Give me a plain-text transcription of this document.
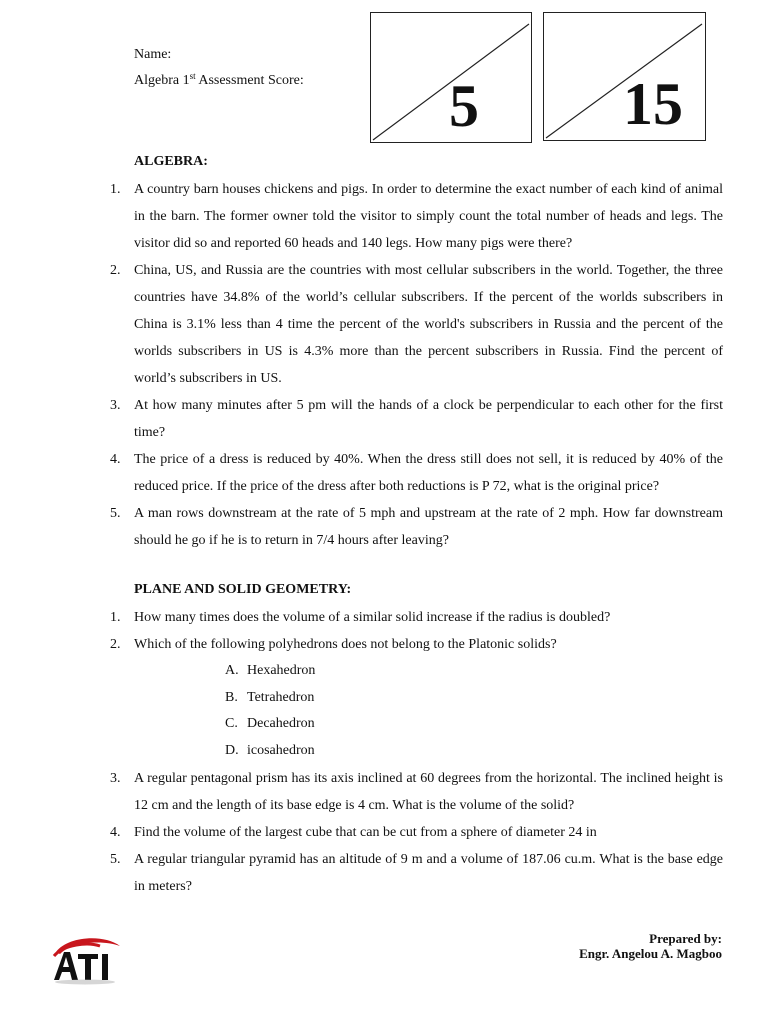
Name:
Algebra 1st Assessment Score: 5 15
ALGEBRA:
1. A country barn houses chickens and pigs. In order to determine the exact number of each kind of animal in the barn. The former owner told the visitor to simply count the total number of heads and legs. The visitor did so and reported 60 heads and 140 legs. How many pigs were there?
2. China, US, and Russia are the countries with most cellular subscribers in the world. Together, the three countries have 34.8% of the world’s cellular subscribers. If the percent of the worlds subscribers in China is 3.1% less than 4 time the percent of the world's subscribers in Russia and the percent of the worlds subscribers in US is 4.3% more than the percent subscribers in Russia. Find the percent of world’s subscribers in US.
3. At how many minutes after 5 pm will the hands of a clock be perpendicular to each other for the first time?
4. The price of a dress is reduced by 40%. When the dress still does not sell, it is reduced by 40% of the reduced price. If the price of the dress after both reductions is P 72, what is the original price?
5. A man rows downstream at the rate of 5 mph and upstream at the rate of 2 mph. How far downstream should he go if he is to return in 7/4 hours after leaving?
PLANE AND SOLID GEOMETRY:
1. How many times does the volume of a similar solid increase if the radius is doubled?
2. Which of the following polyhedrons does not belong to the Platonic solids?
A. Hexahedron
B. Tetrahedron
C. Decahedron
D. icosahedron
3. A regular pentagonal prism has its axis inclined at 60 degrees from the horizontal. The inclined height is 12 cm and the length of its base edge is 4 cm. What is the volume of the solid?
4. Find the volume of the largest cube that can be cut from a sphere of diameter 24 in
5. A regular triangular pyramid has an altitude of 9 m and a volume of 187.06 cu.m. What is the base edge in meters?
Prepared by:
Engr. Angelou A. Magboo
